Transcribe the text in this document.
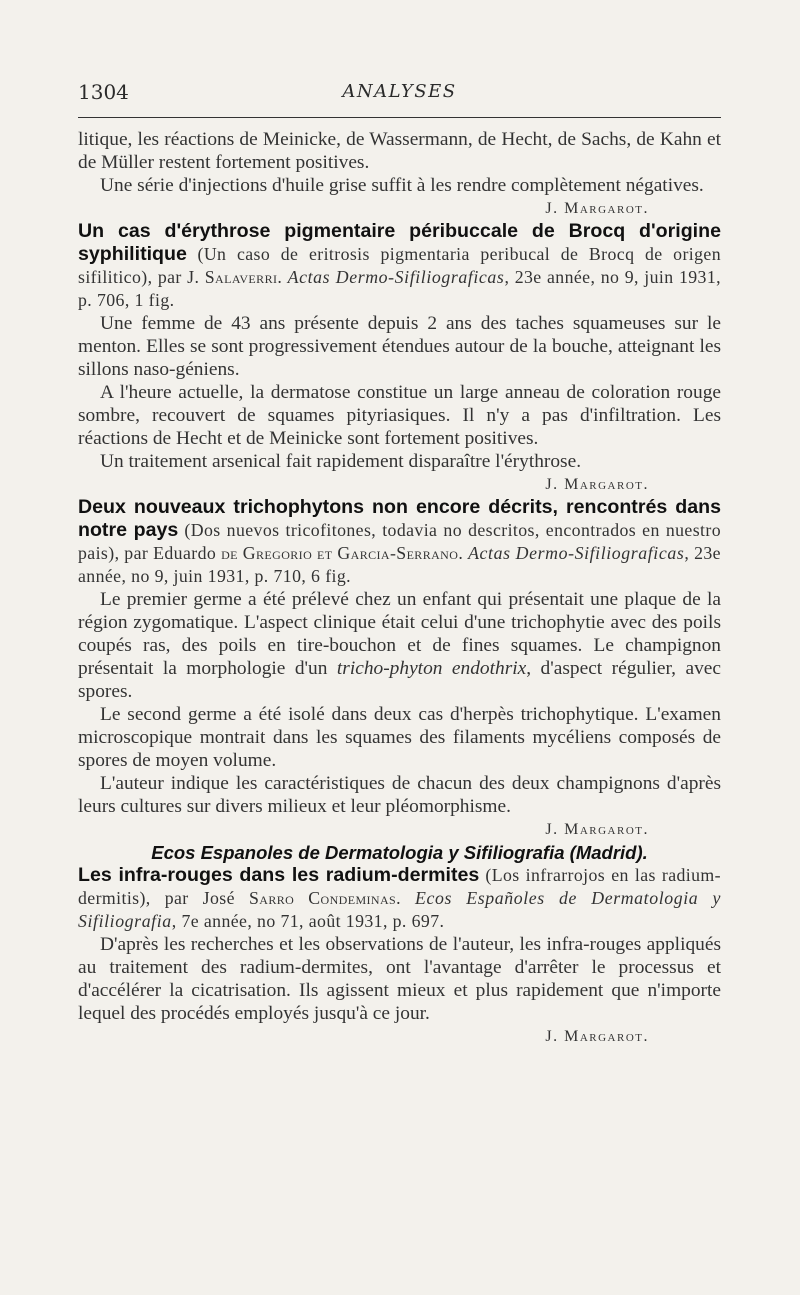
1304	ANALYSES

litique, les réactions de Meinicke, de Wassermann, de Hecht, de Sachs, de Kahn et de Müller restent fortement positives.

Une série d'injections d'huile grise suffit à les rendre complètement négatives.

J. Margarot.

Un cas d'érythrose pigmentaire péribuccale de Brocq d'origine syphilitique (Un caso de eritrosis pigmentaria peribucal de Brocq de origen sifilitico), par J. Salaverri. Actas Dermo-Sifiliograficas, 23e année, no 9, juin 1931, p. 706, 1 fig.

Une femme de 43 ans présente depuis 2 ans des taches squameuses sur le menton. Elles se sont progressivement étendues autour de la bouche, atteignant les sillons naso-géniens.

A l'heure actuelle, la dermatose constitue un large anneau de coloration rouge sombre, recouvert de squames pityriasiques. Il n'y a pas d'infiltration. Les réactions de Hecht et de Meinicke sont fortement positives.

Un traitement arsenical fait rapidement disparaître l'érythrose.

J. Margarot.

Deux nouveaux trichophytons non encore décrits, rencontrés dans notre pays (Dos nuevos tricofitones, todavia no descritos, encontrados en nuestro pais), par Eduardo de Gregorio et Garcia-Serrano. Actas Dermo-Sifiliograficas, 23e année, no 9, juin 1931, p. 710, 6 fig.

Le premier germe a été prélevé chez un enfant qui présentait une plaque de la région zygomatique. L'aspect clinique était celui d'une trichophytie avec des poils coupés ras, des poils en tire-bouchon et de fines squames. Le champignon présentait la morphologie d'un tricho-phyton endothrix, d'aspect régulier, avec spores.

Le second germe a été isolé dans deux cas d'herpès trichophytique. L'examen microscopique montrait dans les squames des filaments mycéliens composés de spores de moyen volume.

L'auteur indique les caractéristiques de chacun des deux champignons d'après leurs cultures sur divers milieux et leur pléomorphisme.

J. Margarot.

Ecos Espanoles de Dermatologia y Sifiliografia (Madrid).

Les infra-rouges dans les radium-dermites (Los infrarrojos en las radium-dermitis), par José Sarro Condeminas. Ecos Españoles de Dermatologia y Sifiliografia, 7e année, no 71, août 1931, p. 697.

D'après les recherches et les observations de l'auteur, les infra-rouges appliqués au traitement des radium-dermites, ont l'avantage d'arrêter le processus et d'accélérer la cicatrisation. Ils agissent mieux et plus rapidement que n'importe lequel des procédés employés jusqu'à ce jour.

J. Margarot.
